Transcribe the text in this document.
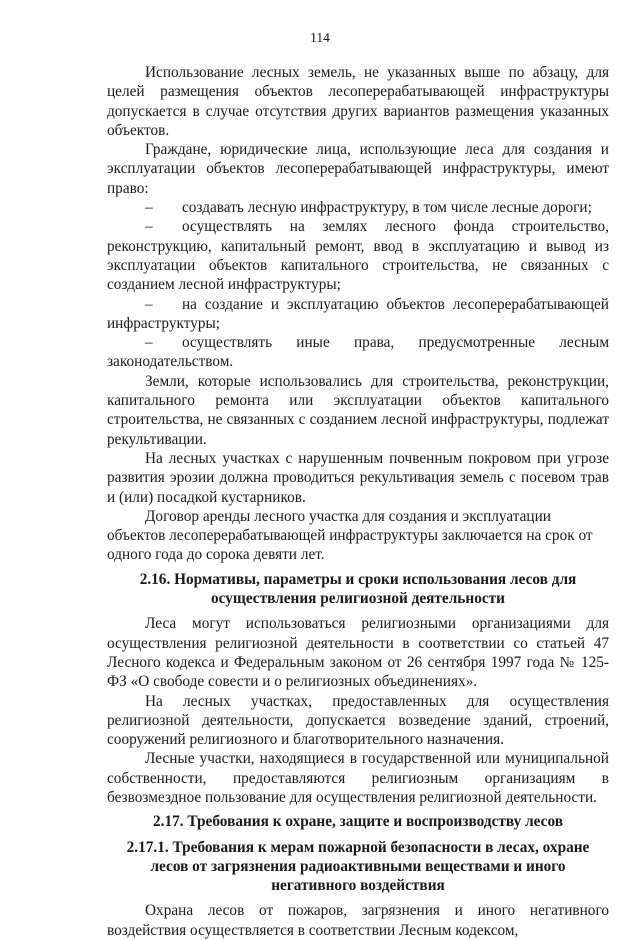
114

Использование лесных земель, не указанных выше по абзацу, для целей размещения объектов лесоперерабатывающей инфраструктуры допускается в случае отсутствия других вариантов размещения указанных объектов.

Граждане, юридические лица, использующие леса для создания и эксплуатации объектов лесоперерабатывающей инфраструктуры, имеют право:

– создавать лесную инфраструктуру, в том числе лесные дороги;

– осуществлять на землях лесного фонда строительство, реконструкцию, капитальный ремонт, ввод в эксплуатацию и вывод из эксплуатации объектов капитального строительства, не связанных с созданием лесной инфраструктуры;

– на создание и эксплуатацию объектов лесоперерабатывающей инфраструктуры;

– осуществлять иные права, предусмотренные лесным законодательством.

Земли, которые использовались для строительства, реконструкции, капитального ремонта или эксплуатации объектов капитального строительства, не связанных с созданием лесной инфраструктуры, подлежат рекультивации.

На лесных участках с нарушенным почвенным покровом при угрозе развития эрозии должна проводиться рекультивация земель с посевом трав и (или) посадкой кустарников.

Договор аренды лесного участка для создания и эксплуатации объектов лесоперерабатывающей инфраструктуры заключается на срок от одного года до сорока девяти лет.

2.16. Нормативы, параметры и сроки использования лесов для осуществления религиозной деятельности

Леса могут использоваться религиозными организациями для осуществления религиозной деятельности в соответствии со статьей 47 Лесного кодекса и Федеральным законом от 26 сентября 1997 года № 125-ФЗ «О свободе совести и о религиозных объединениях».

На лесных участках, предоставленных для осуществления религиозной деятельности, допускается возведение зданий, строений, сооружений религиозного и благотворительного назначения.

Лесные участки, находящиеся в государственной или муниципальной собственности, предоставляются религиозным организациям в безвозмездное пользование для осуществления религиозной деятельности.

2.17. Требования к охране, защите и воспроизводству лесов
2.17.1. Требования к мерам пожарной безопасности в лесах, охране лесов от загрязнения радиоактивными веществами и иного негативного воздействия

Охрана лесов от пожаров, загрязнения и иного негативного воздействия осуществляется в соответствии Лесным кодексом,
